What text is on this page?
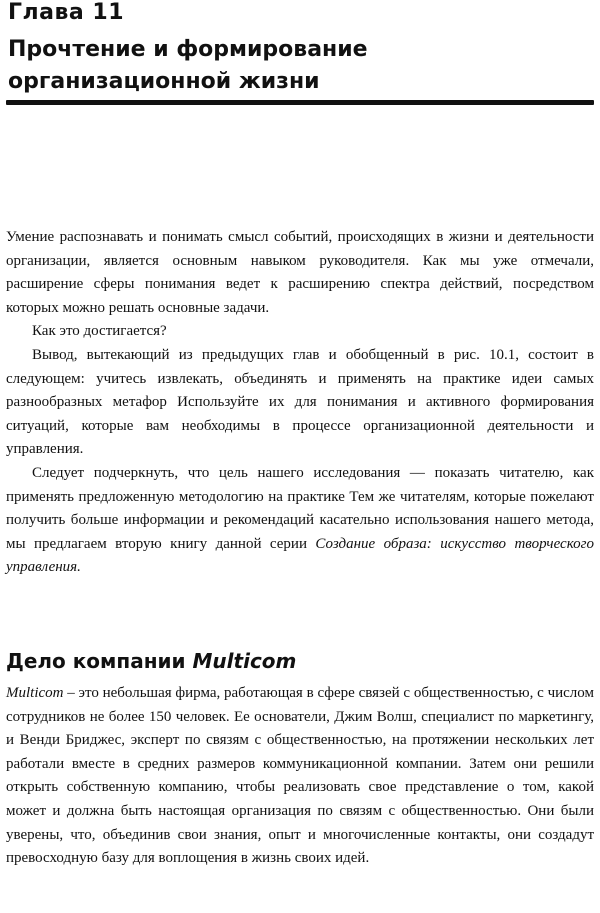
Глава 11
Прочтение и формирование организационной жизни

Умение распознавать и понимать смысл событий, происходящих в жизни и деятельности организации, является основным навыком руководителя. Как мы уже отмечали, расширение сферы понимания ведет к расширению спектра действий, посредством которых можно решать основные задачи.

Как это достигается?

Вывод, вытекающий из предыдущих глав и обобщенный в рис. 10.1, состоит в следующем: учитесь извлекать, объединять и применять на практике идеи самых разнообразных метафор Используйте их для понимания и активного формирования ситуаций, которые вам необходимы в процессе организационной деятельности и управления.

Следует подчеркнуть, что цель нашего исследования — показать читателю, как применять предложенную методологию на практике Тем же читателям, которые пожелают получить больше информации и рекомендаций касательно использования нашего метода, мы предлагаем вторую книгу данной серии Создание образа: искусство творческого управления.

Дело компании Multicom

Multicom – это небольшая фирма, работающая в сфере связей с общественностью, с числом сотрудников не более 150 человек. Ее основатели, Джим Волш, специалист по маркетингу, и Венди Бриджес, эксперт по связям с общественностью, на протяжении нескольких лет работали вместе в средних размеров коммуникационной компании. Затем они решили открыть собственную компанию, чтобы реализовать свое представление о том, какой может и должна быть настоящая организация по связям с общественностью. Они были уверены, что, объединив свои знания, опыт и многочисленные контакты, они создадут превосходную базу для воплощения в жизнь своих идей.
